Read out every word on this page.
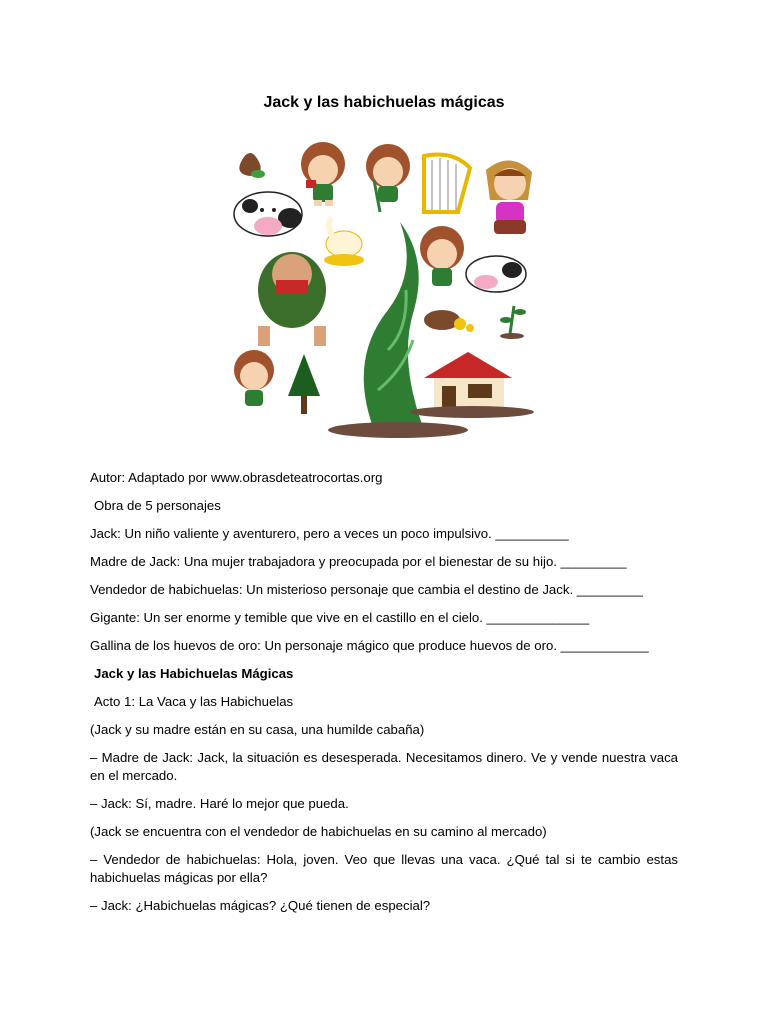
Jack y las habichuelas mágicas

Autor: Adaptado por www.obrasdeteatrocortas.org

Obra de 5 personajes

Jack: Un niño valiente y aventurero, pero a veces un poco impulsivo. __________

Madre de Jack: Una mujer trabajadora y preocupada por el bienestar de su hijo. _________

Vendedor de habichuelas: Un misterioso personaje que cambia el destino de Jack. _________

Gigante: Un ser enorme y temible que vive en el castillo en el cielo. ______________

Gallina de los huevos de oro: Un personaje mágico que produce huevos de oro. ____________

Jack y las Habichuelas Mágicas

Acto 1: La Vaca y las Habichuelas

(Jack y su madre están en su casa, una humilde cabaña)

– Madre de Jack: Jack, la situación es desesperada. Necesitamos dinero. Ve y vende nuestra vaca en el mercado.

– Jack: Sí, madre. Haré lo mejor que pueda.

(Jack se encuentra con el vendedor de habichuelas en su camino al mercado)

– Vendedor de habichuelas: Hola, joven. Veo que llevas una vaca. ¿Qué tal si te cambio estas habichuelas mágicas por ella?

– Jack: ¿Habichuelas mágicas? ¿Qué tienen de especial?
